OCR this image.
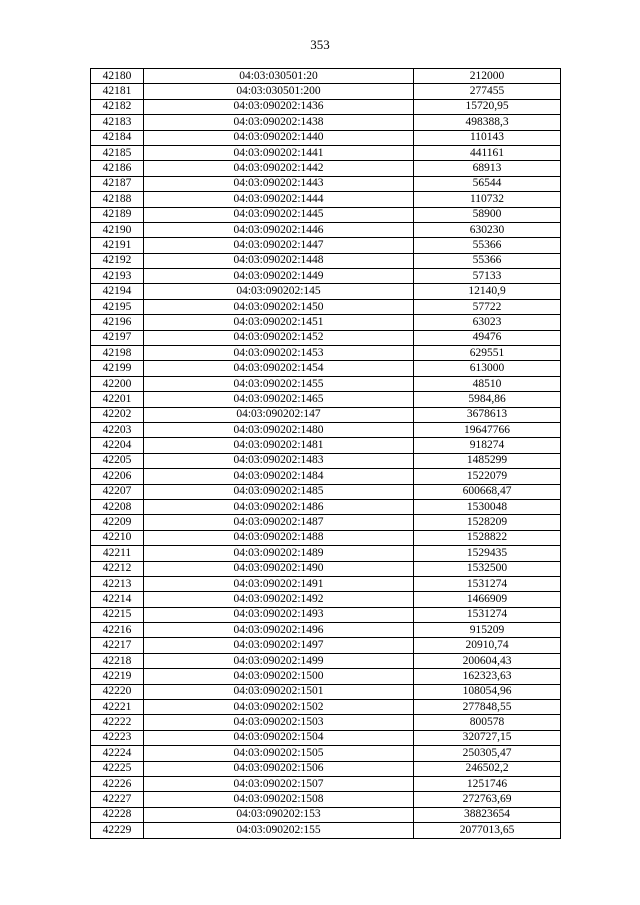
353
42180	04:03:030501:20	212000
42181	04:03:030501:200	277455
42182	04:03:090202:1436	15720,95
42183	04:03:090202:1438	498388,3
42184	04:03:090202:1440	110143
42185	04:03:090202:1441	441161
42186	04:03:090202:1442	68913
42187	04:03:090202:1443	56544
42188	04:03:090202:1444	110732
42189	04:03:090202:1445	58900
42190	04:03:090202:1446	630230
42191	04:03:090202:1447	55366
42192	04:03:090202:1448	55366
42193	04:03:090202:1449	57133
42194	04:03:090202:145	12140,9
42195	04:03:090202:1450	57722
42196	04:03:090202:1451	63023
42197	04:03:090202:1452	49476
42198	04:03:090202:1453	629551
42199	04:03:090202:1454	613000
42200	04:03:090202:1455	48510
42201	04:03:090202:1465	5984,86
42202	04:03:090202:147	3678613
42203	04:03:090202:1480	19647766
42204	04:03:090202:1481	918274
42205	04:03:090202:1483	1485299
42206	04:03:090202:1484	1522079
42207	04:03:090202:1485	600668,47
42208	04:03:090202:1486	1530048
42209	04:03:090202:1487	1528209
42210	04:03:090202:1488	1528822
42211	04:03:090202:1489	1529435
42212	04:03:090202:1490	1532500
42213	04:03:090202:1491	1531274
42214	04:03:090202:1492	1466909
42215	04:03:090202:1493	1531274
42216	04:03:090202:1496	915209
42217	04:03:090202:1497	20910,74
42218	04:03:090202:1499	200604,43
42219	04:03:090202:1500	162323,63
42220	04:03:090202:1501	108054,96
42221	04:03:090202:1502	277848,55
42222	04:03:090202:1503	800578
42223	04:03:090202:1504	320727,15
42224	04:03:090202:1505	250305,47
42225	04:03:090202:1506	246502,2
42226	04:03:090202:1507	1251746
42227	04:03:090202:1508	272763,69
42228	04:03:090202:153	38823654
42229	04:03:090202:155	2077013,65
